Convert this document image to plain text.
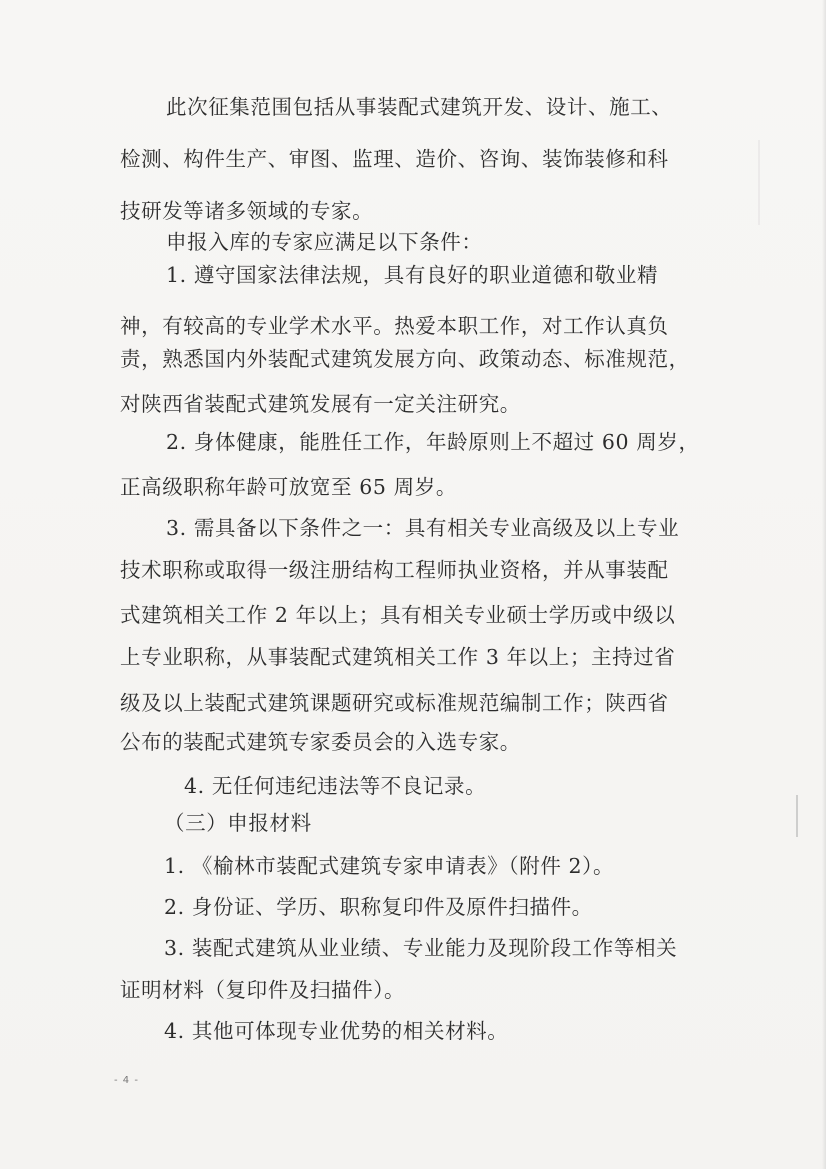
此次征集范围包括从事装配式建筑开发、设计、施工、
检测、构件生产、审图、监理、造价、咨询、装饰装修和科
技研发等诸多领域的专家。
申报入库的专家应满足以下条件：
1. 遵守国家法律法规，具有良好的职业道德和敬业精
神，有较高的专业学术水平。热爱本职工作，对工作认真负
责，熟悉国内外装配式建筑发展方向、政策动态、标准规范，
对陕西省装配式建筑发展有一定关注研究。
2. 身体健康，能胜任工作，年龄原则上不超过 60 周岁，
正高级职称年龄可放宽至 65 周岁。
3. 需具备以下条件之一：具有相关专业高级及以上专业
技术职称或取得一级注册结构工程师执业资格，并从事装配
式建筑相关工作 2 年以上；具有相关专业硕士学历或中级以
上专业职称，从事装配式建筑相关工作 3 年以上；主持过省
级及以上装配式建筑课题研究或标准规范编制工作；陕西省
公布的装配式建筑专家委员会的入选专家。
4. 无任何违纪违法等不良记录。
（三）申报材料
1. 《榆林市装配式建筑专家申请表》（附件 2）。
2. 身份证、学历、职称复印件及原件扫描件。
3. 装配式建筑从业业绩、专业能力及现阶段工作等相关
证明材料（复印件及扫描件）。
4. 其他可体现专业优势的相关材料。
- 4 -
